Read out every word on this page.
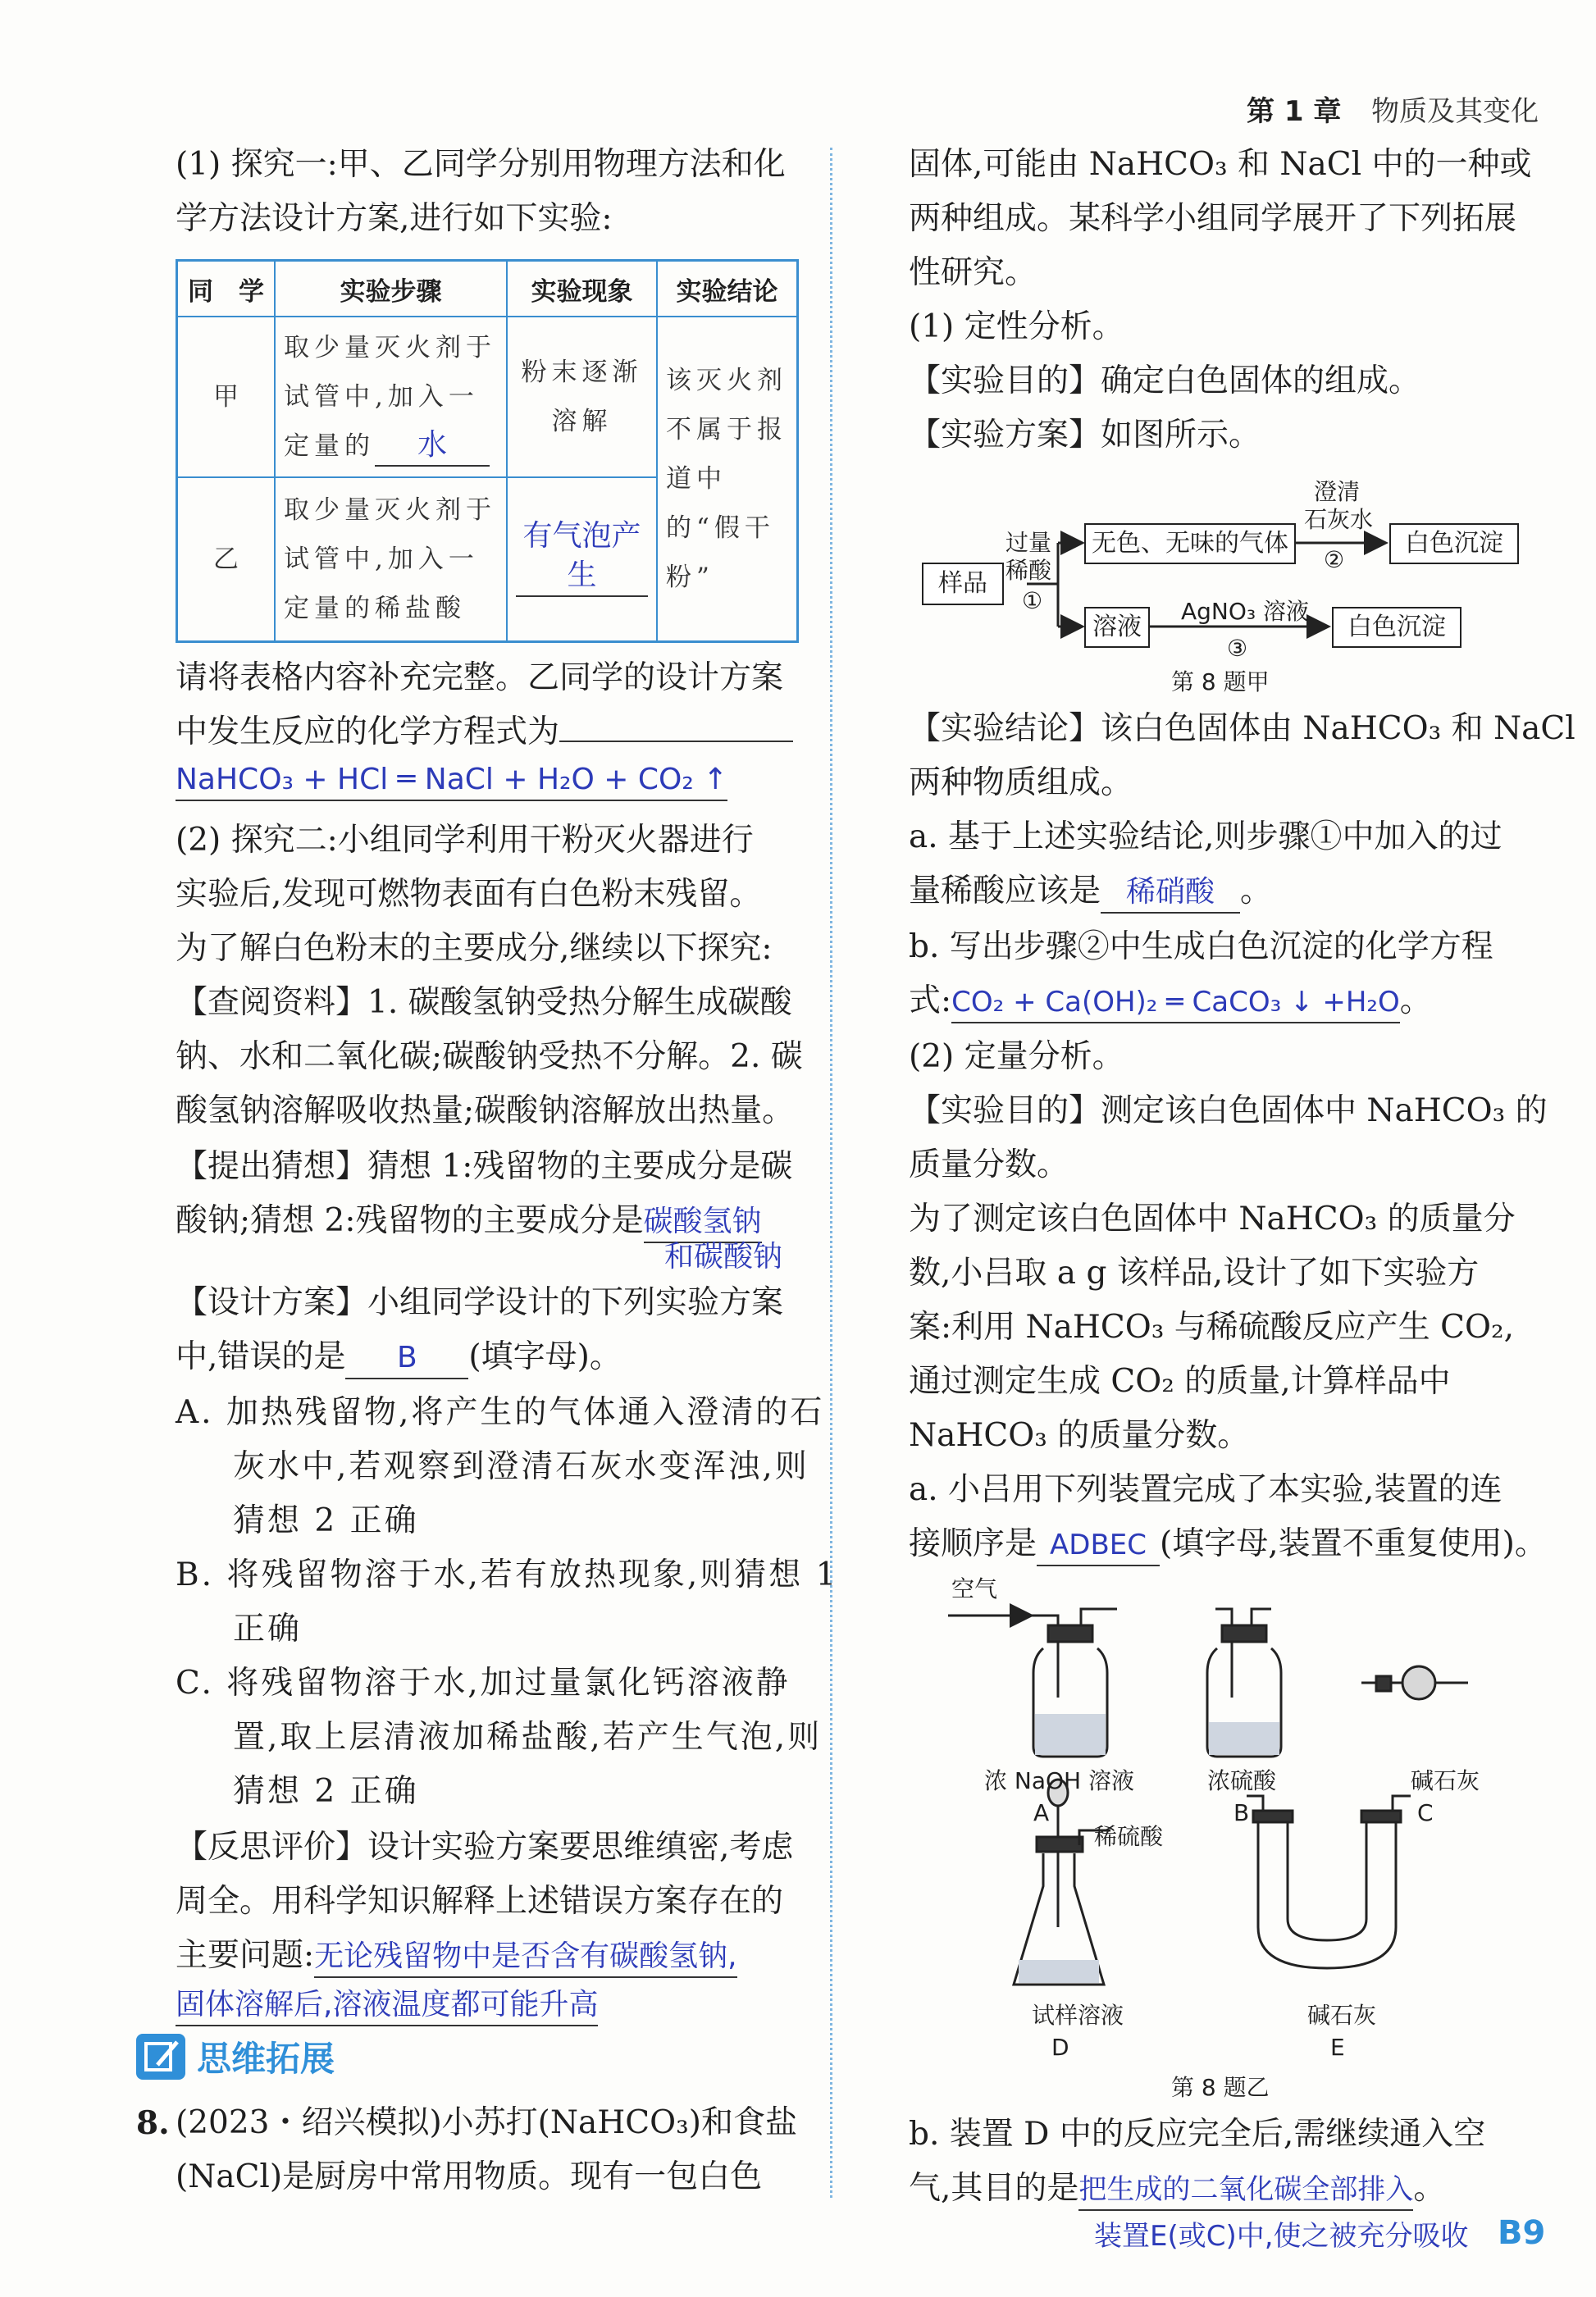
第 1 章 物质及其变化
(1) 探究一:甲、乙同学分别用物理方法和化
学方法设计方案,进行如下实验:
同　学	实验步骤	实验现象	实验结论
甲	取少量灭火剂于试管中,加入一定量的 水	粉末逐渐溶解	该灭火剂不属于报道中的“假干粉”
乙	取少量灭火剂于试管中,加入一定量的稀盐酸	有气泡产生	
请将表格内容补充完整。乙同学的设计方案
中发生反应的化学方程式为
NaHCO₃ + HCl ═ NaCl + H₂O + CO₂ ↑
(2) 探究二:小组同学利用干粉灭火器进行
实验后,发现可燃物表面有白色粉末残留。
为了解白色粉末的主要成分,继续以下探究:
【查阅资料】1. 碳酸氢钠受热分解生成碳酸
钠、水和二氧化碳;碳酸钠受热不分解。2. 碳
酸氢钠溶解吸收热量;碳酸钠溶解放出热量。
【提出猜想】猜想 1:残留物的主要成分是碳
酸钠;猜想 2:残留物的主要成分是碳酸氢钠
和碳酸钠
【设计方案】小组同学设计的下列实验方案
中,错误的是 B (填字母)。
A. 加热残留物,将产生的气体通入澄清的石
灰水中,若观察到澄清石灰水变浑浊,则
猜想 2 正确
B. 将残留物溶于水,若有放热现象,则猜想 1
正确
C. 将残留物溶于水,加过量氯化钙溶液静
置,取上层清液加稀盐酸,若产生气泡,则
猜想 2 正确
【反思评价】设计实验方案要思维缜密,考虑
周全。用科学知识解释上述错误方案存在的
主要问题:无论残留物中是否含有碳酸氢钠,
固体溶解后,溶液温度都可能升高
思维拓展
8. (2023・绍兴模拟)小苏打(NaHCO₃)和食盐
(NaCl)是厨房中常用物质。现有一包白色
固体,可能由 NaHCO₃ 和 NaCl 中的一种或
两种组成。某科学小组同学展开了下列拓展
性研究。
(1) 定性分析。
【实验目的】确定白色固体的组成。
【实验方案】如图所示。
样品
过量
稀酸
①
无色、无味的气体
澄清
石灰水
②
白色沉淀
溶液
AgNO₃ 溶液
③
白色沉淀
第 8 题甲
【实验结论】该白色固体由 NaHCO₃ 和 NaCl
两种物质组成。
a. 基于上述实验结论,则步骤①中加入的过
量稀酸应该是 稀硝酸 。
b. 写出步骤②中生成白色沉淀的化学方程
式:CO₂ + Ca(OH)₂ ═ CaCO₃ ↓ +H₂O。
(2) 定量分析。
【实验目的】测定该白色固体中 NaHCO₃ 的
质量分数。
为了测定该白色固体中 NaHCO₃ 的质量分
数,小吕取 a g 该样品,设计了如下实验方
案:利用 NaHCO₃ 与稀硫酸反应产生 CO₂,
通过测定生成 CO₂ 的质量,计算样品中
NaHCO₃ 的质量分数。
a. 小吕用下列装置完成了本实验,装置的连
接顺序是 ADBEC (填字母,装置不重复使用)。
空气
浓 NaOH 溶液
A
浓硫酸
B
碱石灰
C
稀硫酸
试样溶液
D
碱石灰
E
第 8 题乙
b. 装置 D 中的反应完全后,需继续通入空
气,其目的是把生成的二氧化碳全部排入。
装置E(或C)中,使之被充分吸收 B9
